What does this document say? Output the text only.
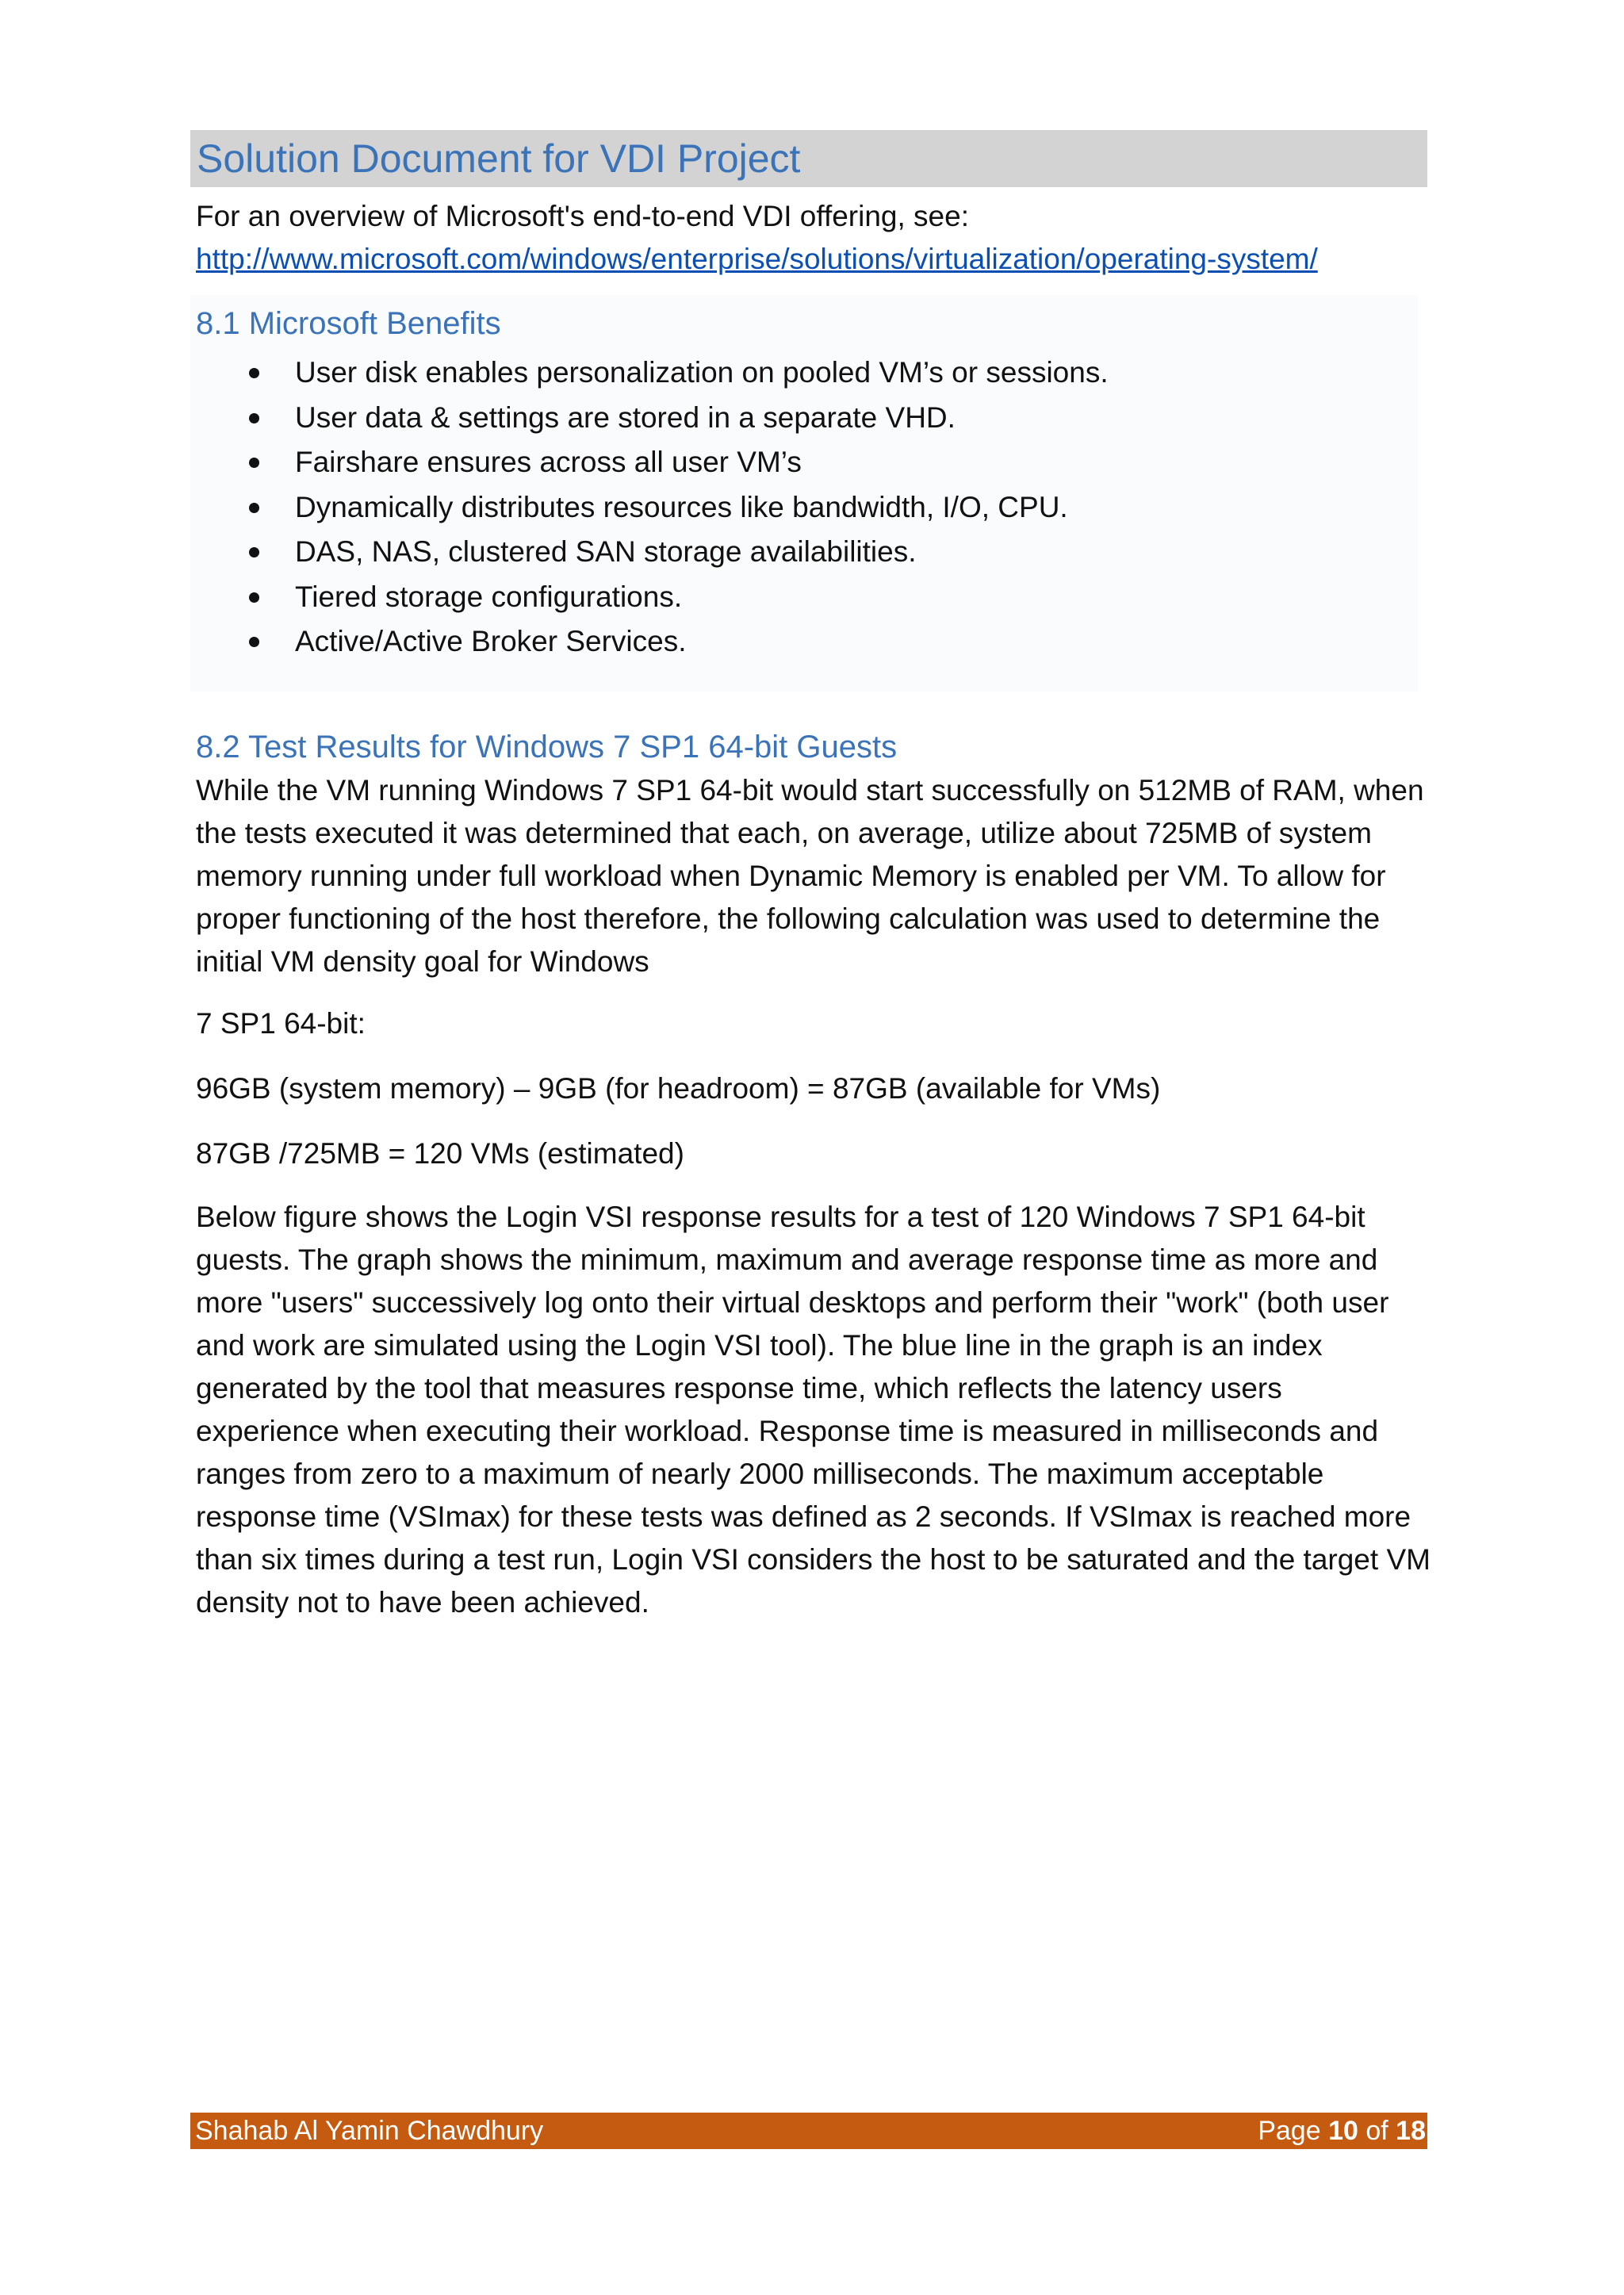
Solution Document for VDI Project
For an overview of Microsoft's end-to-end VDI offering, see:
http://www.microsoft.com/windows/enterprise/solutions/virtualization/operating-system/
8.1 Microsoft Benefits
User disk enables personalization on pooled VM’s or sessions.
User data & settings are stored in a separate VHD.
Fairshare ensures across all user VM’s
Dynamically distributes resources like bandwidth, I/O, CPU.
DAS, NAS, clustered SAN storage availabilities.
Tiered storage configurations.
Active/Active Broker Services.
8.2 Test Results for Windows 7 SP1 64-bit Guests
While the VM running Windows 7 SP1 64-bit would start successfully on 512MB of RAM, when the tests executed it was determined that each, on average, utilize about 725MB of system memory running under full workload when Dynamic Memory is enabled per VM. To allow for proper functioning of the host therefore, the following calculation was used to determine the initial VM density goal for Windows
7 SP1 64-bit:
96GB (system memory) – 9GB (for headroom) = 87GB (available for VMs)
87GB /725MB = 120 VMs (estimated)
Below figure shows the Login VSI response results for a test of 120 Windows 7 SP1 64-bit guests. The graph shows the minimum, maximum and average response time as more and more "users" successively log onto their virtual desktops and perform their "work" (both user and work are simulated using the Login VSI tool). The blue line in the graph is an index generated by the tool that measures response time, which reflects the latency users experience when executing their workload. Response time is measured in milliseconds and ranges from zero to a maximum of nearly 2000 milliseconds. The maximum acceptable response time (VSImax) for these tests was defined as 2 seconds. If VSImax is reached more than six times during a test run, Login VSI considers the host to be saturated and the target VM density not to have been achieved.
Shahab Al Yamin Chawdhury	Page 10 of 18
